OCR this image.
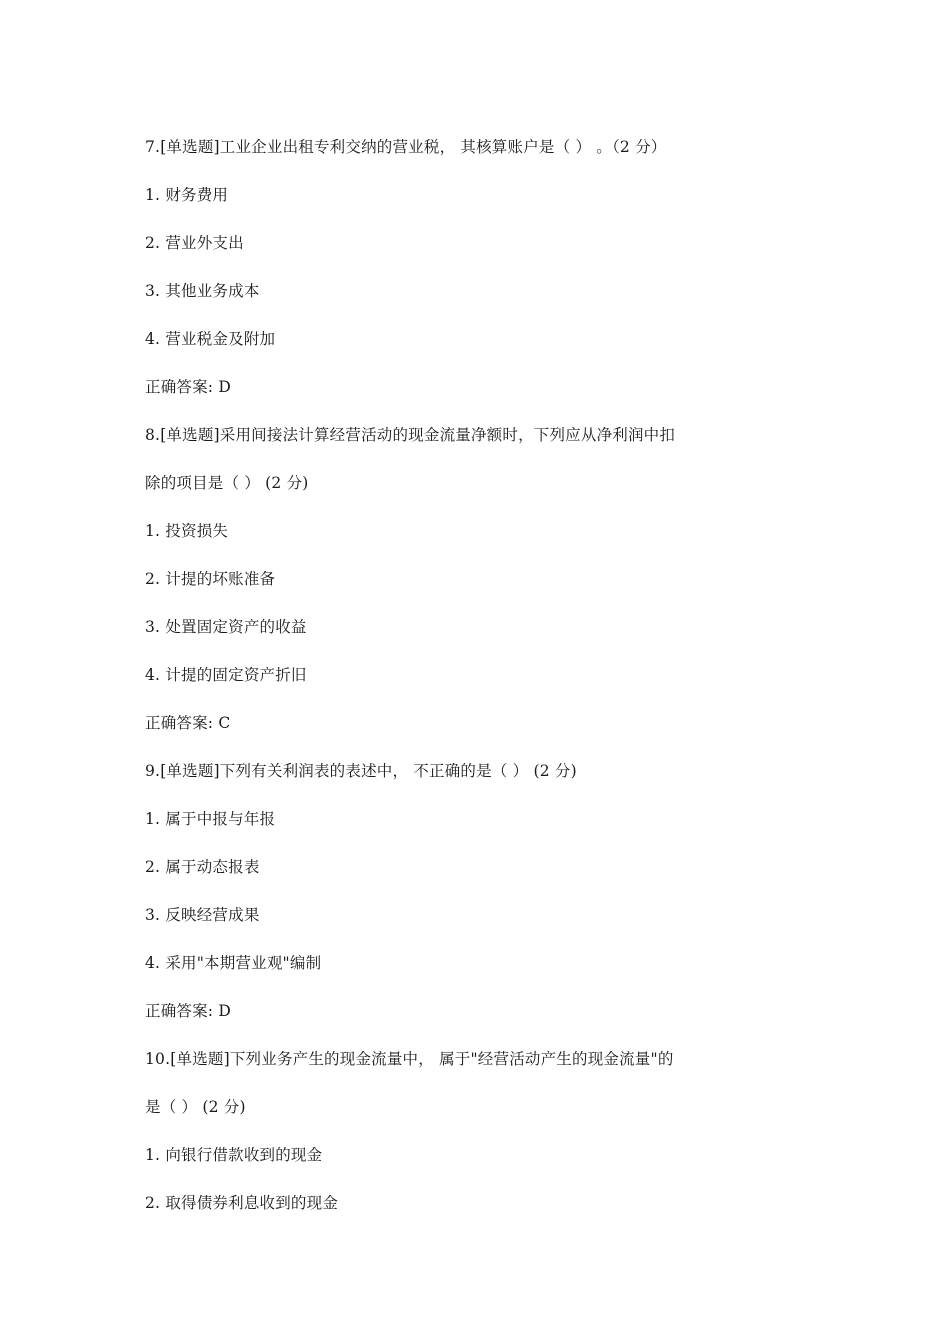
7.[单选题]工业企业出租专利交纳的营业税， 其核算账户是（ ） 。（2 分）
1. 财务费用
2. 营业外支出
3. 其他业务成本
4. 营业税金及附加
正确答案: D
8.[单选题]采用间接法计算经营活动的现金流量净额时，下列应从净利润中扣
除的项目是（ ） (2 分)
1. 投资损失
2. 计提的坏账准备
3. 处置固定资产的收益
4. 计提的固定资产折旧
正确答案: C
9.[单选题]下列有关利润表的表述中， 不正确的是（ ） (2 分)
1. 属于中报与年报
2. 属于动态报表
3. 反映经营成果
4. 采用"本期营业观"编制
正确答案: D
10.[单选题]下列业务产生的现金流量中， 属于"经营活动产生的现金流量"的
是（ ） (2 分)
1. 向银行借款收到的现金
2. 取得债券利息收到的现金
